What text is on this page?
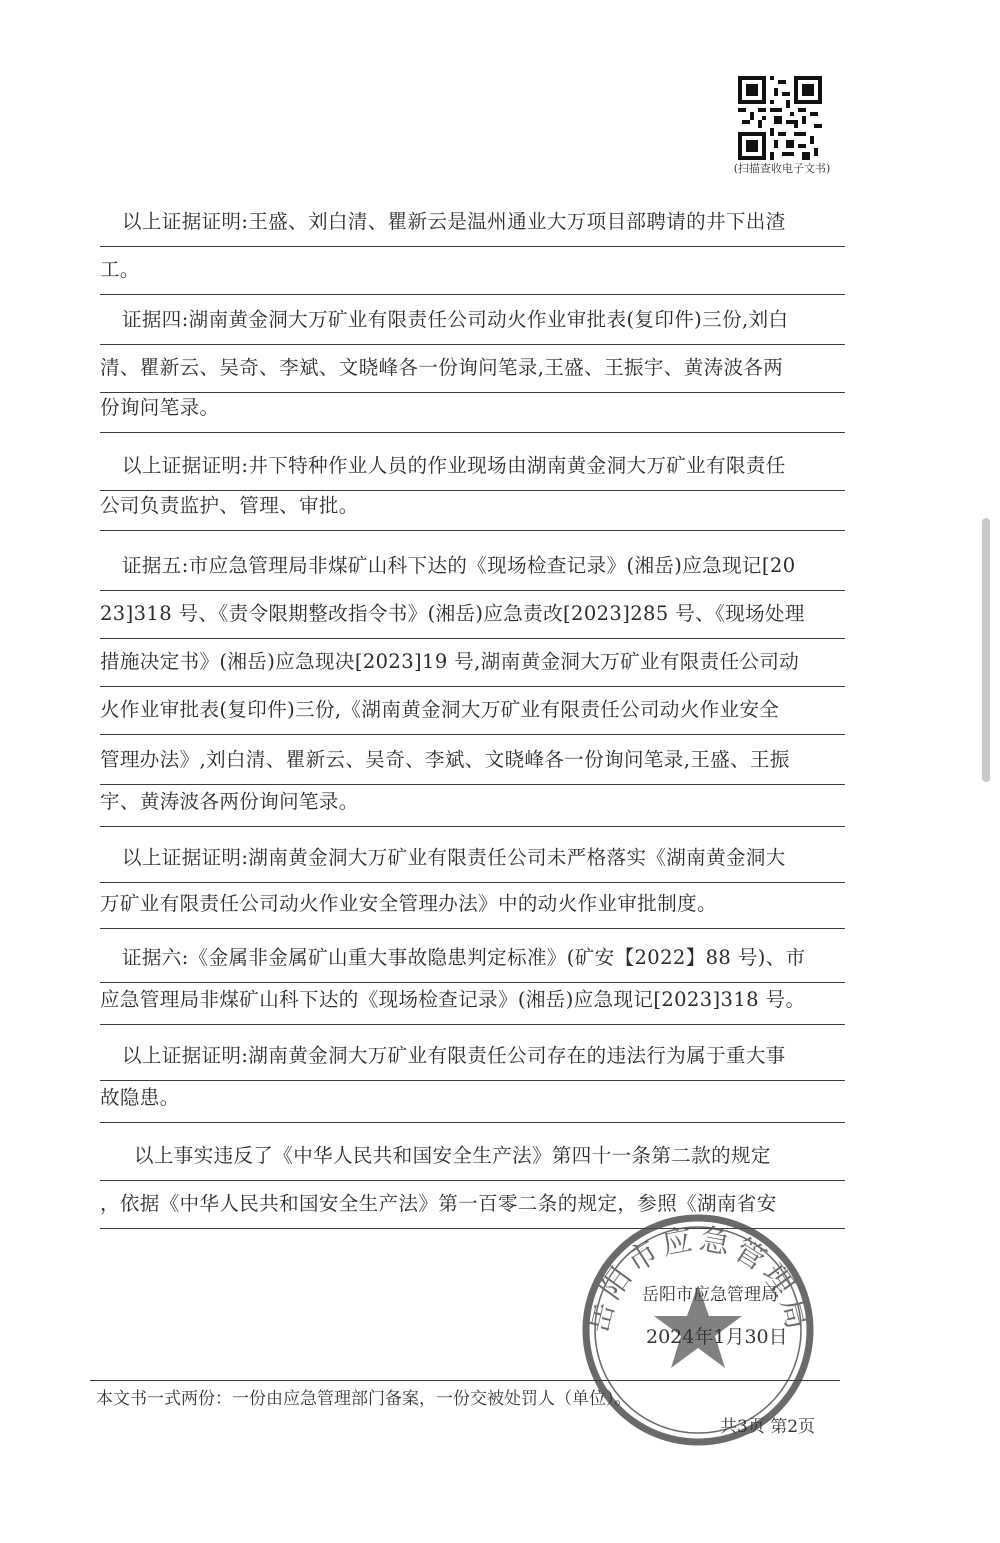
(扫描查收电子文书)
以上证据证明:王盛、刘白清、瞿新云是温州通业大万项目部聘请的井下出渣
工。
证据四:湖南黄金洞大万矿业有限责任公司动火作业审批表(复印件)三份,刘白
清、瞿新云、吴奇、李斌、文晓峰各一份询问笔录,王盛、王振宇、黄涛波各两
份询问笔录。
以上证据证明:井下特种作业人员的作业现场由湖南黄金洞大万矿业有限责任
公司负责监护、管理、审批。
证据五:市应急管理局非煤矿山科下达的《现场检查记录》(湘岳)应急现记[20
23]318 号、《责令限期整改指令书》(湘岳)应急责改[2023]285 号、《现场处理
措施决定书》(湘岳)应急现决[2023]19 号,湖南黄金洞大万矿业有限责任公司动
火作业审批表(复印件)三份,《湖南黄金洞大万矿业有限责任公司动火作业安全
管理办法》,刘白清、瞿新云、吴奇、李斌、文晓峰各一份询问笔录,王盛、王振
宇、黄涛波各两份询问笔录。
以上证据证明:湖南黄金洞大万矿业有限责任公司未严格落实《湖南黄金洞大
万矿业有限责任公司动火作业安全管理办法》中的动火作业审批制度。
证据六:《金属非金属矿山重大事故隐患判定标准》(矿安【2022】88 号)、市
应急管理局非煤矿山科下达的《现场检查记录》(湘岳)应急现记[2023]318 号。
以上证据证明:湖南黄金洞大万矿业有限责任公司存在的违法行为属于重大事
故隐患。
以上事实违反了《中华人民共和国安全生产法》第四十一条第二款的规定
，依据《中华人民共和国安全生产法》第一百零二条的规定，参照《湖南省安
岳阳市应急管理局
岳阳市应急管理局
岳阳市应急管理局
2024年1月30日
本文书一式两份：一份由应急管理部门备案，一份交被处罚人（单位）。
共3页 第2页
